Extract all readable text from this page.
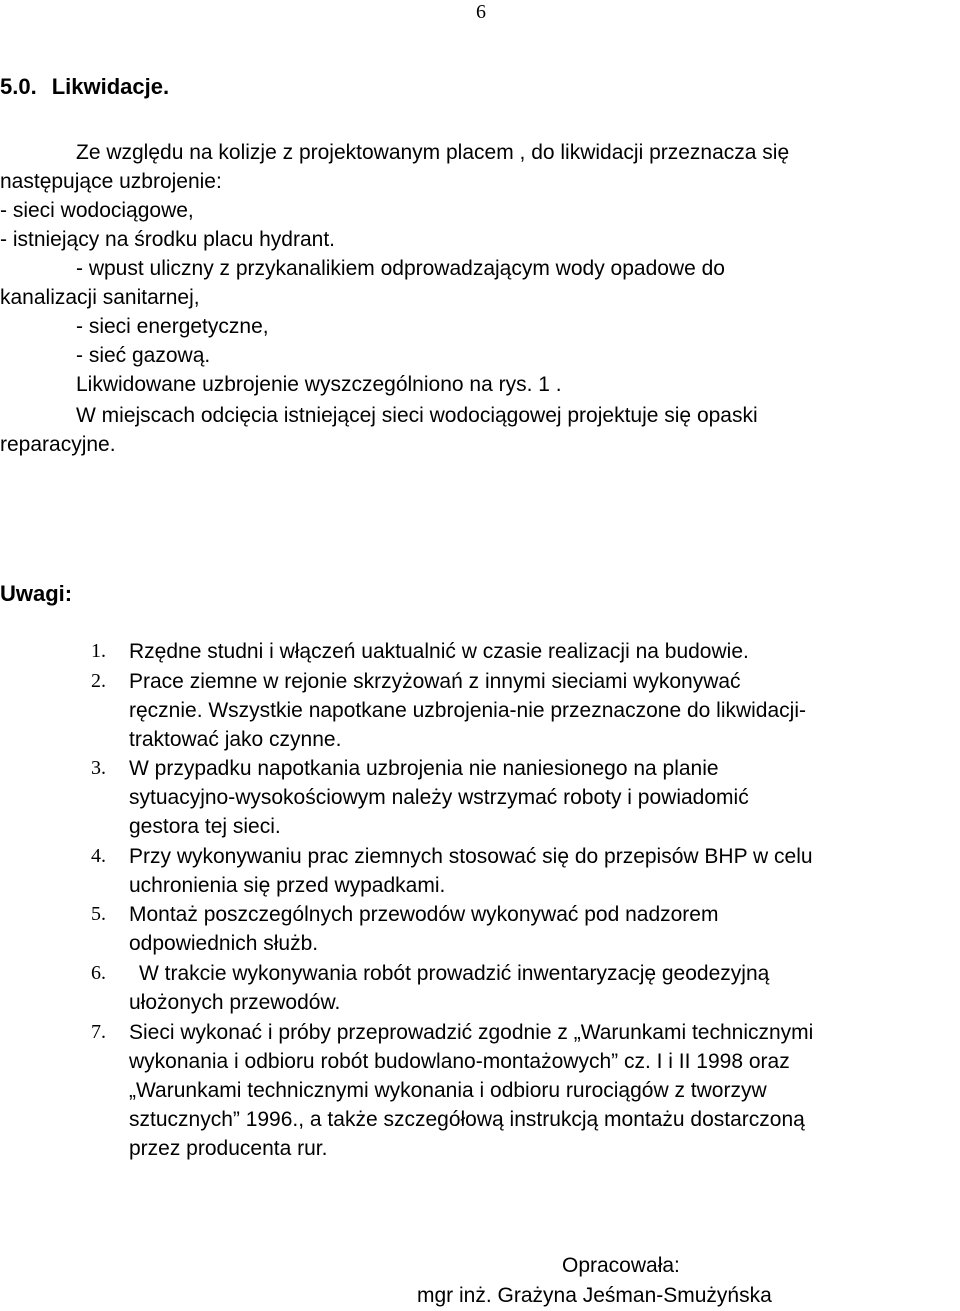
6
5.0. Likwidacje.
Ze względu na kolizje z projektowanym placem , do likwidacji przeznacza się
następujące uzbrojenie:
- sieci wodociągowe,
- istniejący na środku placu hydrant.
- wpust uliczny z przykanalikiem odprowadzającym wody opadowe do
kanalizacji sanitarnej,
- sieci energetyczne,
- sieć gazową.
Likwidowane uzbrojenie wyszczególniono na rys. 1 .
W miejscach odcięcia istniejącej sieci wodociągowej projektuje się opaski
reparacyjne.
Uwagi:
1. Rzędne studni i włączeń uaktualnić w czasie realizacji na budowie.
2. Prace ziemne w rejonie skrzyżowań z innymi sieciami wykonywać
ręcznie. Wszystkie napotkane uzbrojenia-nie przeznaczone do likwidacji-
traktować jako czynne.
3. W przypadku napotkania uzbrojenia nie naniesionego na planie
sytuacyjno-wysokościowym należy wstrzymać roboty i powiadomić
gestora tej sieci.
4. Przy wykonywaniu prac ziemnych stosować się do przepisów BHP w celu
uchronienia się przed wypadkami.
5. Montaż poszczególnych przewodów wykonywać pod nadzorem
odpowiednich służb.
6. W trakcie wykonywania robót prowadzić inwentaryzację geodezyjną
ułożonych przewodów.
7. Sieci wykonać i próby przeprowadzić zgodnie z „Warunkami technicznymi
wykonania i odbioru robót budowlano-montażowych” cz. I i II 1998 oraz
„Warunkami technicznymi wykonania i odbioru rurociągów z tworzyw
sztucznych” 1996., a także szczegółową instrukcją montażu dostarczoną
przez producenta rur.
Opracowała:
mgr inż. Grażyna Jeśman-Smużyńska
